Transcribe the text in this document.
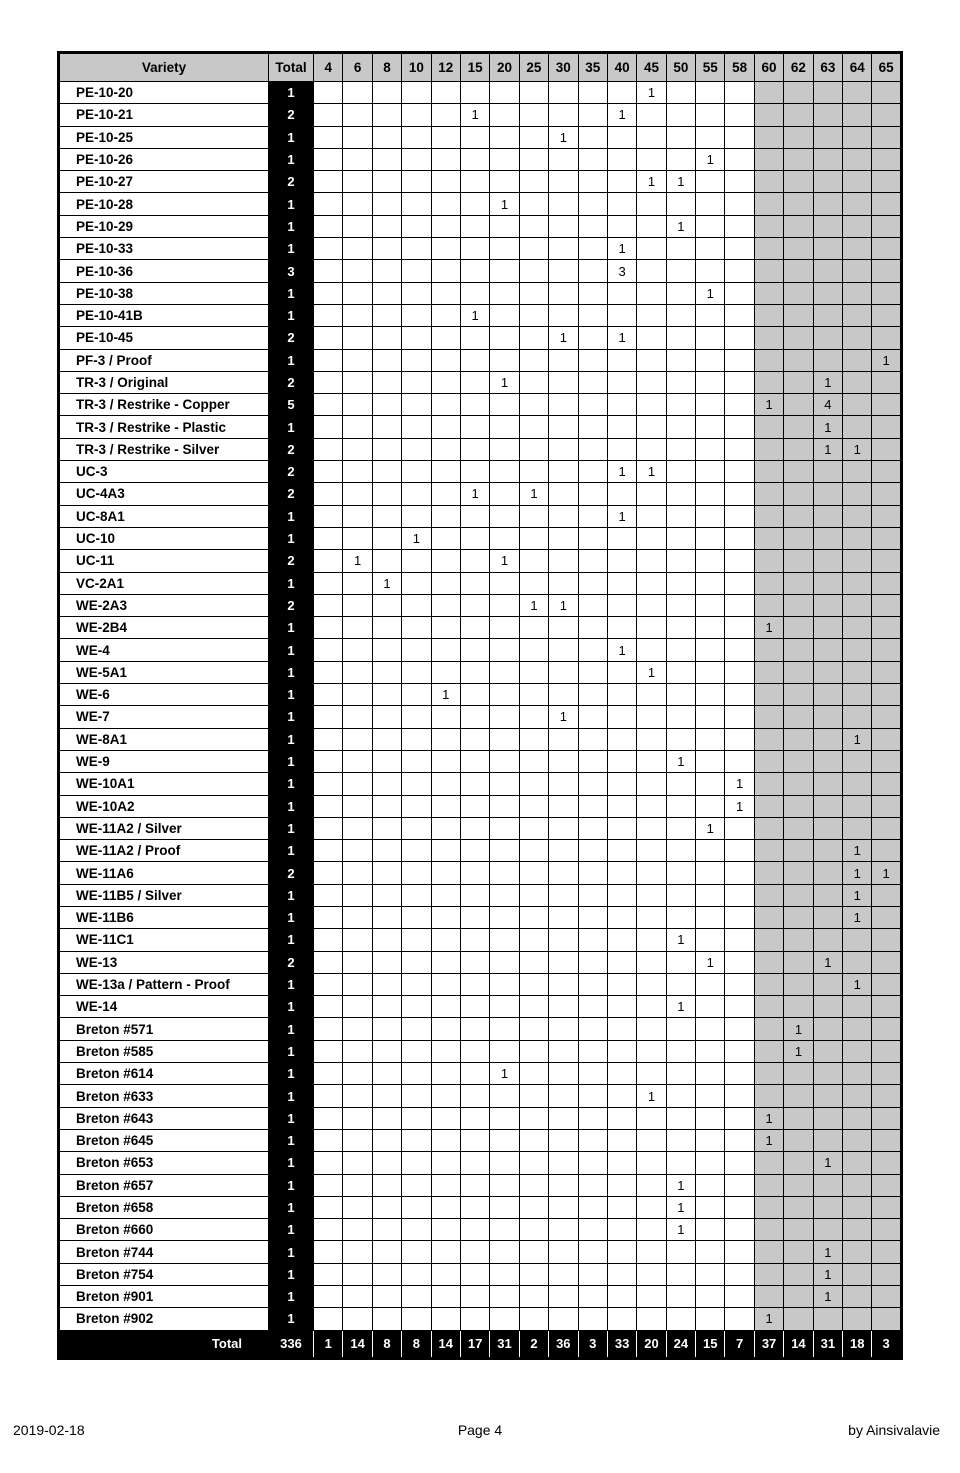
Variety	Total	4	6	8	10	12	15	20	25	30	35	40	45	50	55	58	60	62	63	64	65
PE-10-20	1												1								
PE-10-21	2						1					1									
PE-10-25	1									1											
PE-10-26	1														1						
PE-10-27	2												1	1							
PE-10-28	1							1													
PE-10-29	1													1							
PE-10-33	1											1									
PE-10-36	3											3									
PE-10-38	1														1						
PE-10-41B	1						1														
PE-10-45	2									1		1									
PF-3 / Proof	1																				1
TR-3 / Original	2							1											1		
TR-3 / Restrike - Copper	5																1		4		
TR-3 / Restrike - Plastic	1																		1		
TR-3 / Restrike - Silver	2																		1	1	
UC-3	2											1	1								
UC-4A3	2						1		1												
UC-8A1	1											1									
UC-10	1				1																
UC-11	2		1					1													
VC-2A1	1			1																	
WE-2A3	2								1	1											
WE-2B4	1																1				
WE-4	1											1									
WE-5A1	1												1								
WE-6	1					1															
WE-7	1									1											
WE-8A1	1																			1	
WE-9	1													1							
WE-10A1	1															1					
WE-10A2	1															1					
WE-11A2 / Silver	1														1						
WE-11A2 / Proof	1																			1	
WE-11A6	2																			1	1
WE-11B5 / Silver	1																			1	
WE-11B6	1																			1	
WE-11C1	1													1							
WE-13	2														1				1		
WE-13a / Pattern - Proof	1																			1	
WE-14	1													1							
Breton #571	1																	1			
Breton #585	1																	1			
Breton #614	1							1													
Breton #633	1												1								
Breton #643	1																1				
Breton #645	1																1				
Breton #653	1																		1		
Breton #657	1													1							
Breton #658	1													1							
Breton #660	1													1							
Breton #744	1																		1		
Breton #754	1																		1		
Breton #901	1																		1		
Breton #902	1																1				
Total	336	1	14	8	8	14	17	31	2	36	3	33	20	24	15	7	37	14	31	18	3
Page 4
2019-02-18	by Ainsivalavie
